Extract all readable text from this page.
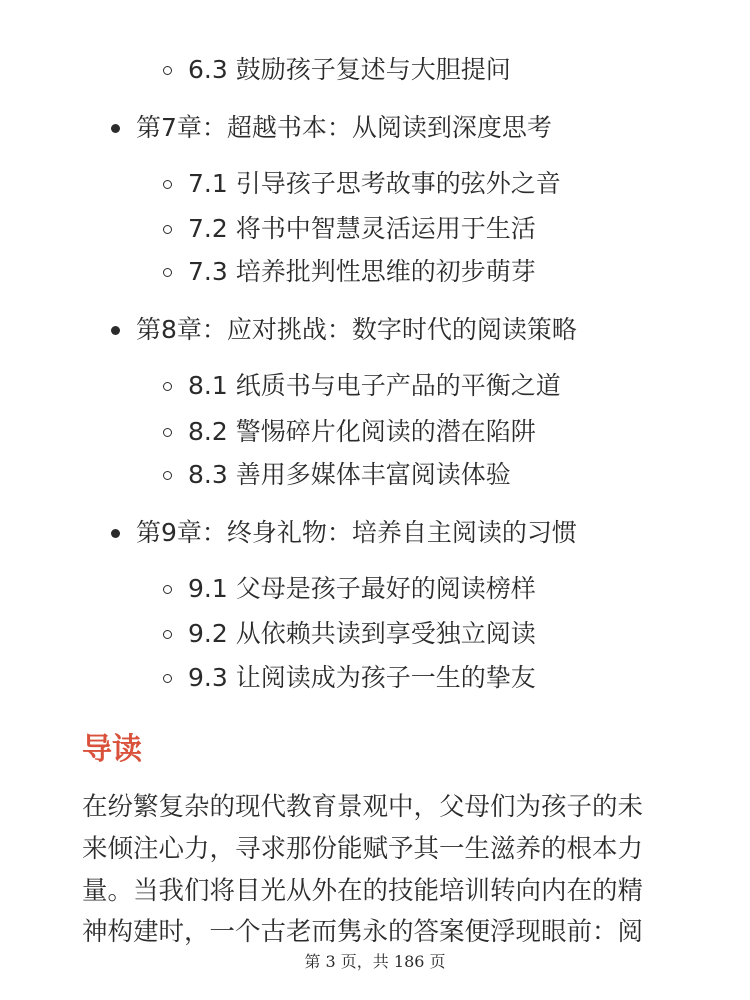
6.3 鼓励孩子复述与大胆提问
第7章：超越书本：从阅读到深度思考
7.1 引导孩子思考故事的弦外之音
7.2 将书中智慧灵活运用于生活
7.3 培养批判性思维的初步萌芽
第8章：应对挑战：数字时代的阅读策略
8.1 纸质书与电子产品的平衡之道
8.2 警惕碎片化阅读的潜在陷阱
8.3 善用多媒体丰富阅读体验
第9章：终身礼物：培养自主阅读的习惯
9.1 父母是孩子最好的阅读榜样
9.2 从依赖共读到享受独立阅读
9.3 让阅读成为孩子一生的挚友
导读
在纷繁复杂的现代教育景观中，父母们为孩子的未
来倾注心力，寻求那份能赋予其一生滋养的根本力
量。当我们将目光从外在的技能培训转向内在的精
神构建时，一个古老而隽永的答案便浮现眼前：阅
第 3 页，共 186 页
